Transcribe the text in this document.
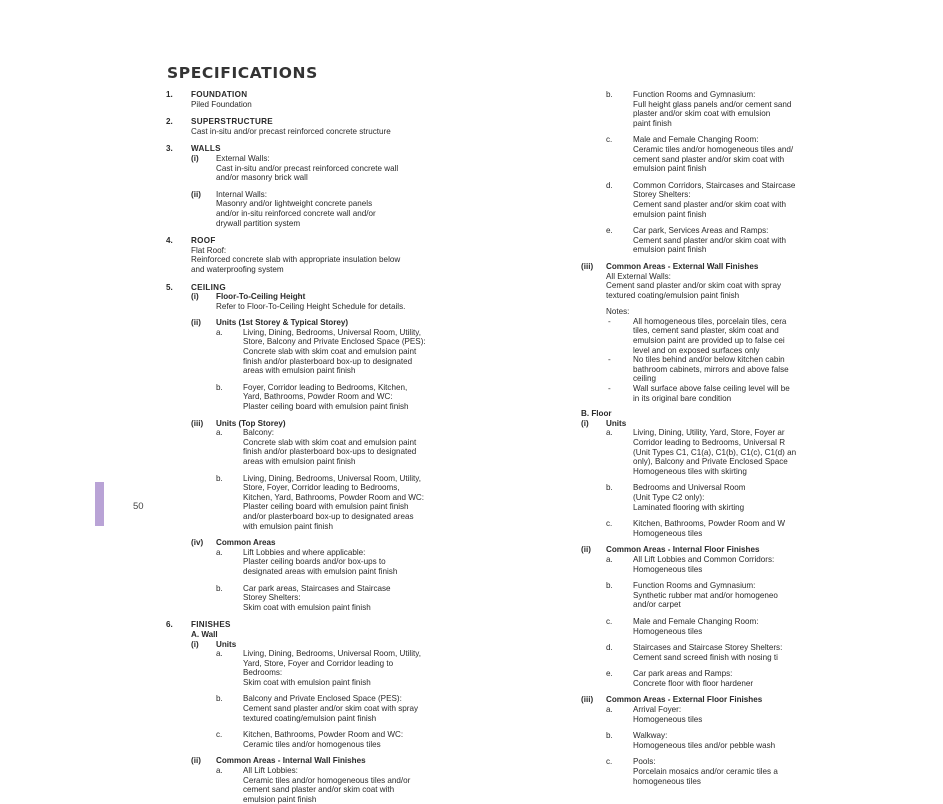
SPECIFICATIONS
1. FOUNDATION
Piled Foundation
2. SUPERSTRUCTURE
Cast in-situ and/or precast reinforced concrete structure
3. WALLS
(i) External Walls:
Cast in-situ and/or precast reinforced concrete wall
and/or masonry brick wall
(ii) Internal Walls:
Masonry and/or lightweight concrete panels
and/or in-situ reinforced concrete wall and/or
drywall partition system
4. ROOF
Flat Roof:
Reinforced concrete slab with appropriate insulation below
and waterproofing system
5. CEILING
(i) Floor-To-Ceiling Height
Refer to Floor-To-Ceiling Height Schedule for details.
(ii) Units (1st Storey & Typical Storey)
a. Living, Dining, Bedrooms, Universal Room, Utility,
Store, Balcony and Private Enclosed Space (PES):
Concrete slab with skim coat and emulsion paint
finish and/or plasterboard box-up to designated
areas with emulsion paint finish
b. Foyer, Corridor leading to Bedrooms, Kitchen,
Yard, Bathrooms, Powder Room and WC:
Plaster ceiling board with emulsion paint finish
(iii) Units (Top Storey)
a. Balcony:
Concrete slab with skim coat and emulsion paint
finish and/or plasterboard box-ups to designated
areas with emulsion paint finish
b. Living, Dining, Bedrooms, Universal Room, Utility,
Store, Foyer, Corridor leading to Bedrooms,
Kitchen, Yard, Bathrooms, Powder Room and WC:
Plaster ceiling board with emulsion paint finish
and/or plasterboard box-up to designated areas
with emulsion paint finish
(iv) Common Areas
a. Lift Lobbies and where applicable:
Plaster ceiling boards and/or box-ups to
designated areas with emulsion paint finish
b. Car park areas, Staircases and Staircase
Storey Shelters:
Skim coat with emulsion paint finish
6. FINISHES
A. Wall
(i) Units
a. Living, Dining, Bedrooms, Universal Room, Utility,
Yard, Store, Foyer and Corridor leading to
Bedrooms:
Skim coat with emulsion paint finish
b. Balcony and Private Enclosed Space (PES):
Cement sand plaster and/or skim coat with spray
textured coating/emulsion paint finish
c.	Kitchen, Bathrooms, Powder Room and WC:
Ceramic tiles and/or homogenous tiles
(ii) Common Areas - Internal Wall Finishes
a. All Lift Lobbies:
Ceramic tiles and/or homogeneous tiles and/or
cement sand plaster and/or skim coat with
emulsion paint finish
b. Function Rooms and Gymnasium:
Full height glass panels and/or cement sand
plaster and/or skim coat with emulsion
paint finish
c.	Male and Female Changing Room:
Ceramic tiles and/or homogeneous tiles and/
cement sand plaster and/or skim coat with
emulsion paint finish
d. Common Corridors, Staircases and Staircase
Storey Shelters:
Cement sand plaster and/or skim coat with
emulsion paint finish
e. Car park, Services Areas and Ramps:
Cement sand plaster and/or skim coat with
emulsion paint finish
(iii) Common Areas - External Wall Finishes
All External Walls:
Cement sand plaster and/or skim coat with spray
textured coating/emulsion paint finish
Notes:
-	All homogeneous tiles, porcelain tiles, cera
tiles, cement sand plaster, skim coat and
emulsion paint are provided up to false cei
level and on exposed surfaces only
-	No tiles behind and/or below kitchen cabin
bathroom cabinets, mirrors and above false
ceiling
-	Wall surface above false ceiling level will be
in its original bare condition
B. Floor
(i) Units
a. Living, Dining, Utility, Yard, Store, Foyer ar
Corridor leading to Bedrooms, Universal R
(Unit Types C1, C1(a), C1(b), C1(c), C1(d) an
only), Balcony and Private Enclosed Space
Homogeneous tiles with skirting
b. Bedrooms and Universal Room
(Unit Type C2 only):
Laminated flooring with skirting
c.	Kitchen, Bathrooms, Powder Room and W
Homogeneous tiles
(ii) Common Areas - Internal Floor Finishes
a. All Lift Lobbies and Common Corridors:
Homogeneous tiles
b. Function Rooms and Gymnasium:
Synthetic rubber mat and/or homogeneo
and/or carpet
c.	Male and Female Changing Room:
Homogeneous tiles
d. Staircases and Staircase Storey Shelters:
Cement sand screed finish with nosing ti
e. Car park areas and Ramps:
Concrete floor with floor hardener
(iii) Common Areas - External Floor Finishes
a. Arrival Foyer:
Homogeneous tiles
b. Walkway:
Homogeneous tiles and/or pebble wash
c.	Pools:
Porcelain mosaics and/or ceramic tiles a
homogeneous tiles
50
